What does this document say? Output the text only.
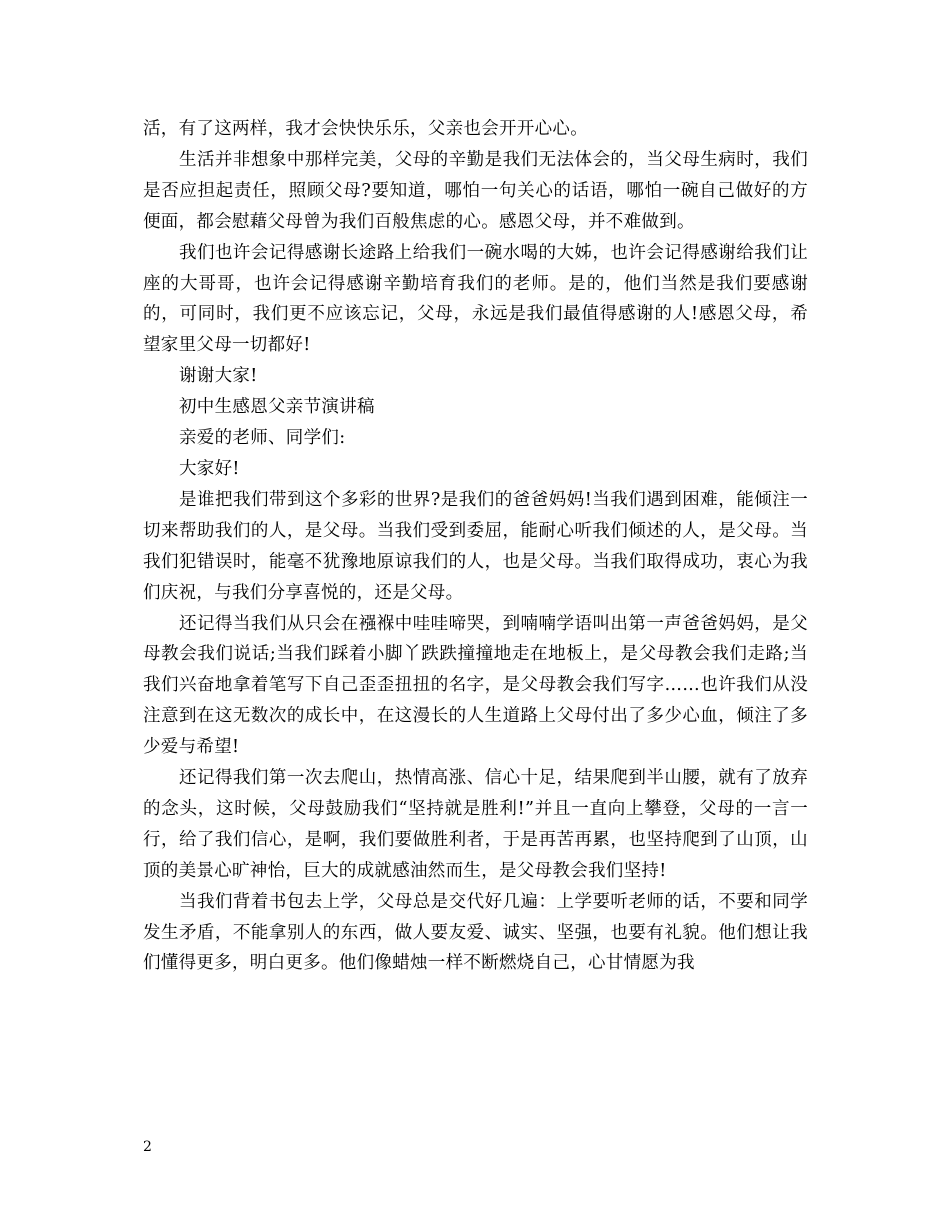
活，有了这两样，我才会快快乐乐，父亲也会开开心心。

生活并非想象中那样完美，父母的辛勤是我们无法体会的，当父母生病时，我们是否应担起责任，照顾父母?要知道，哪怕一句关心的话语，哪怕一碗自己做好的方便面，都会慰藉父母曾为我们百般焦虑的心。感恩父母，并不难做到。

我们也许会记得感谢长途路上给我们一碗水喝的大姊，也许会记得感谢给我们让座的大哥哥，也许会记得感谢辛勤培育我们的老师。是的，他们当然是我们要感谢的，可同时，我们更不应该忘记，父母，永远是我们最值得感谢的人!感恩父母，希望家里父母一切都好!

谢谢大家!

初中生感恩父亲节演讲稿

亲爱的老师、同学们:

大家好!

是谁把我们带到这个多彩的世界?是我们的爸爸妈妈!当我们遇到困难，能倾注一切来帮助我们的人，是父母。当我们受到委屈，能耐心听我们倾述的人，是父母。当我们犯错误时，能毫不犹豫地原谅我们的人，也是父母。当我们取得成功，衷心为我们庆祝，与我们分享喜悦的，还是父母。

还记得当我们从只会在襁褓中哇哇啼哭，到喃喃学语叫出第一声爸爸妈妈，是父母教会我们说话;当我们踩着小脚丫跌跌撞撞地走在地板上，是父母教会我们走路;当我们兴奋地拿着笔写下自己歪歪扭扭的名字，是父母教会我们写字……也许我们从没注意到在这无数次的成长中，在这漫长的人生道路上父母付出了多少心血，倾注了多少爱与希望!

还记得我们第一次去爬山，热情高涨、信心十足，结果爬到半山腰，就有了放弃的念头，这时候，父母鼓励我们“坚持就是胜利!”并且一直向上攀登，父母的一言一行，给了我们信心，是啊，我们要做胜利者，于是再苦再累，也坚持爬到了山顶，山顶的美景心旷神怡，巨大的成就感油然而生，是父母教会我们坚持!

当我们背着书包去上学，父母总是交代好几遍：上学要听老师的话，不要和同学发生矛盾，不能拿别人的东西，做人要友爱、诚实、坚强，也要有礼貌。他们想让我们懂得更多，明白更多。他们像蜡烛一样不断燃烧自己，心甘情愿为我

2
